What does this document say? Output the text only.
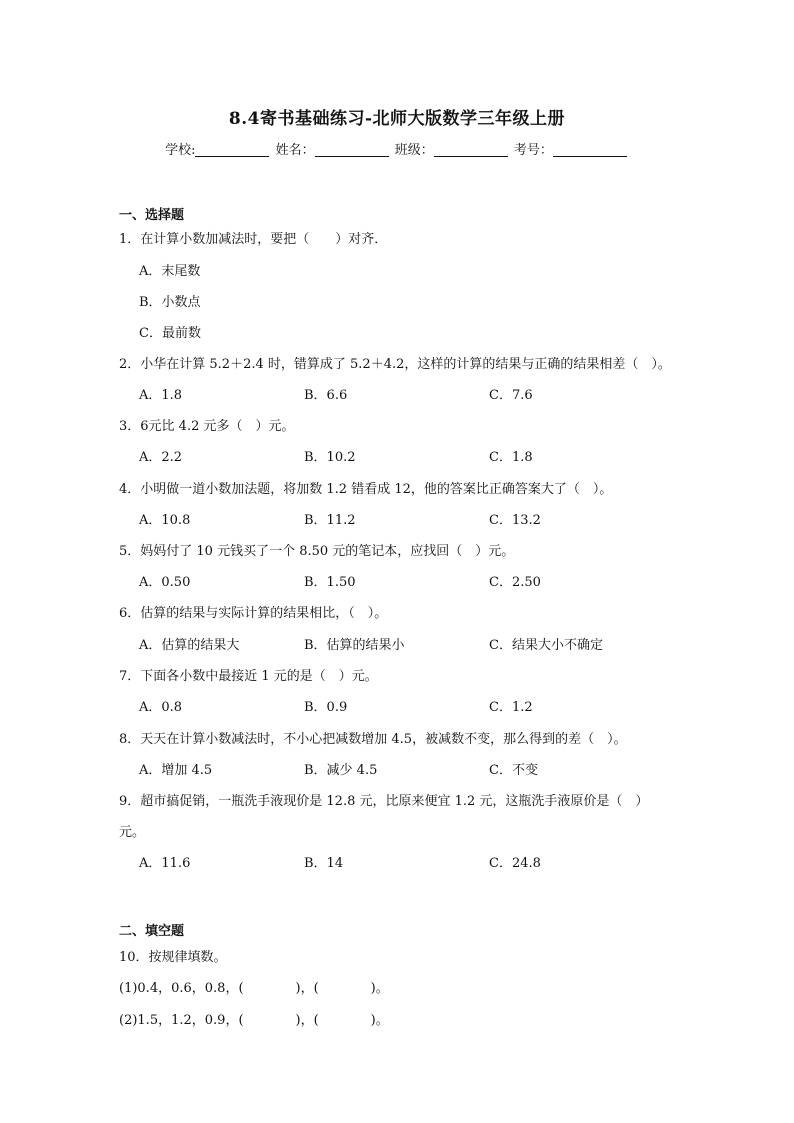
8.4寄书基础练习-北师大版数学三年级上册
学校:	姓名：	班级：	考号：
一、选择题
1．在计算小数加减法时，要把（　　）对齐．
A．末尾数
B．小数点
C．最前数
2．小华在计算 5.2＋2.4 时，错算成了 5.2＋4.2，这样的计算的结果与正确的结果相差（　）。
A．1.8	B．6.6	C．7.6
3．6元比 4.2 元多（　）元。
A．2.2	B．10.2	C．1.8
4．小明做一道小数加法题，将加数 1.2 错看成 12，他的答案比正确答案大了（　）。
A．10.8	B．11.2	C．13.2
5．妈妈付了 10 元钱买了一个 8.50 元的笔记本，应找回（　）元。
A．0.50	B．1.50	C．2.50
6．估算的结果与实际计算的结果相比，（　）。
A．估算的结果大	B．估算的结果小	C．结果大小不确定
7．下面各小数中最接近 1 元的是（　）元。
A．0.8	B．0.9	C．1.2
8．天天在计算小数减法时，不小心把减数增加 4.5，被减数不变，那么得到的差（　）。
A．增加 4.5	B．减少 4.5	C．不变
9．超市搞促销，一瓶洗手液现价是 12.8 元，比原来便宜 1.2 元，这瓶洗手液原价是（　）
元。
A．11.6	B．14	C．24.8
二、填空题
10．按规律填数。
(1)0.4，0.6，0.8，(　　　　)，(　　　　)。
(2)1.5，1.2，0.9，(　　　　)，(　　　　)。
